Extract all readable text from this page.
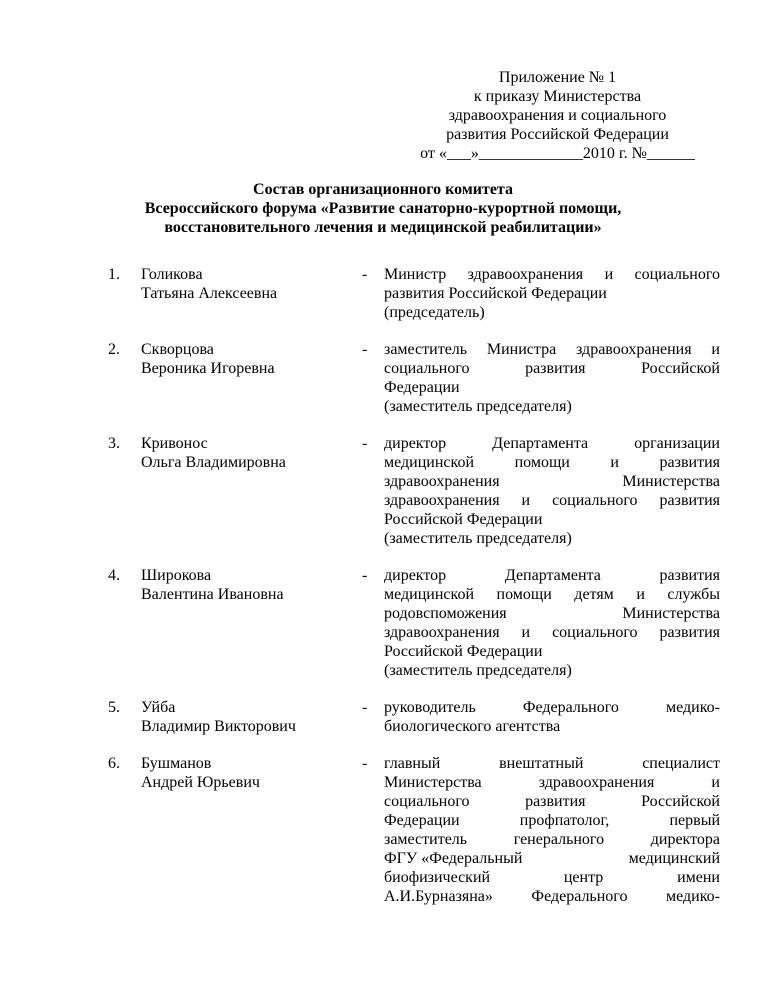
Приложение № 1
к приказу Министерства
здравоохранения и социального
развития Российской Федерации
от «___»_____________2010 г. №______
Состав организационного комитета
Всероссийского форума «Развитие санаторно-курортной помощи,
восстановительного лечения и медицинской реабилитации»
1.	Голикова
Татьяна Алексеевна
- Министр здравоохранения и социального
развития Российской Федерации
(председатель)
2.	Скворцова
Вероника Игоревна
- заместитель Министра здравоохранения и
социального	развития	Российской
Федерации
(заместитель председателя)
3.	Кривонос
Ольга Владимировна
- директор	Департамента	организации
медицинской	помощи	и	развития
здравоохранения	Министерства
здравоохранения и социального развития
Российской Федерации
(заместитель председателя)
4.	Широкова
Валентина Ивановна
- директор	Департамента	развития
медицинской помощи детям и службы
родовспоможения	Министерства
здравоохранения и социального развития
Российской Федерации
(заместитель председателя)
5.	Уйба
Владимир Викторович
- руководитель	Федерального	медико-
биологического агентства
6.	Бушманов
Андрей Юрьевич
- главный	внештатный	специалист
Министерства	здравоохранения	и
социального	развития	Российской
Федерации	профпатолог,	первый
заместитель	генерального	директора
ФГУ «Федеральный	медицинский
биофизический	центр	имени
А.И.Бурназяна» Федерального медико-
